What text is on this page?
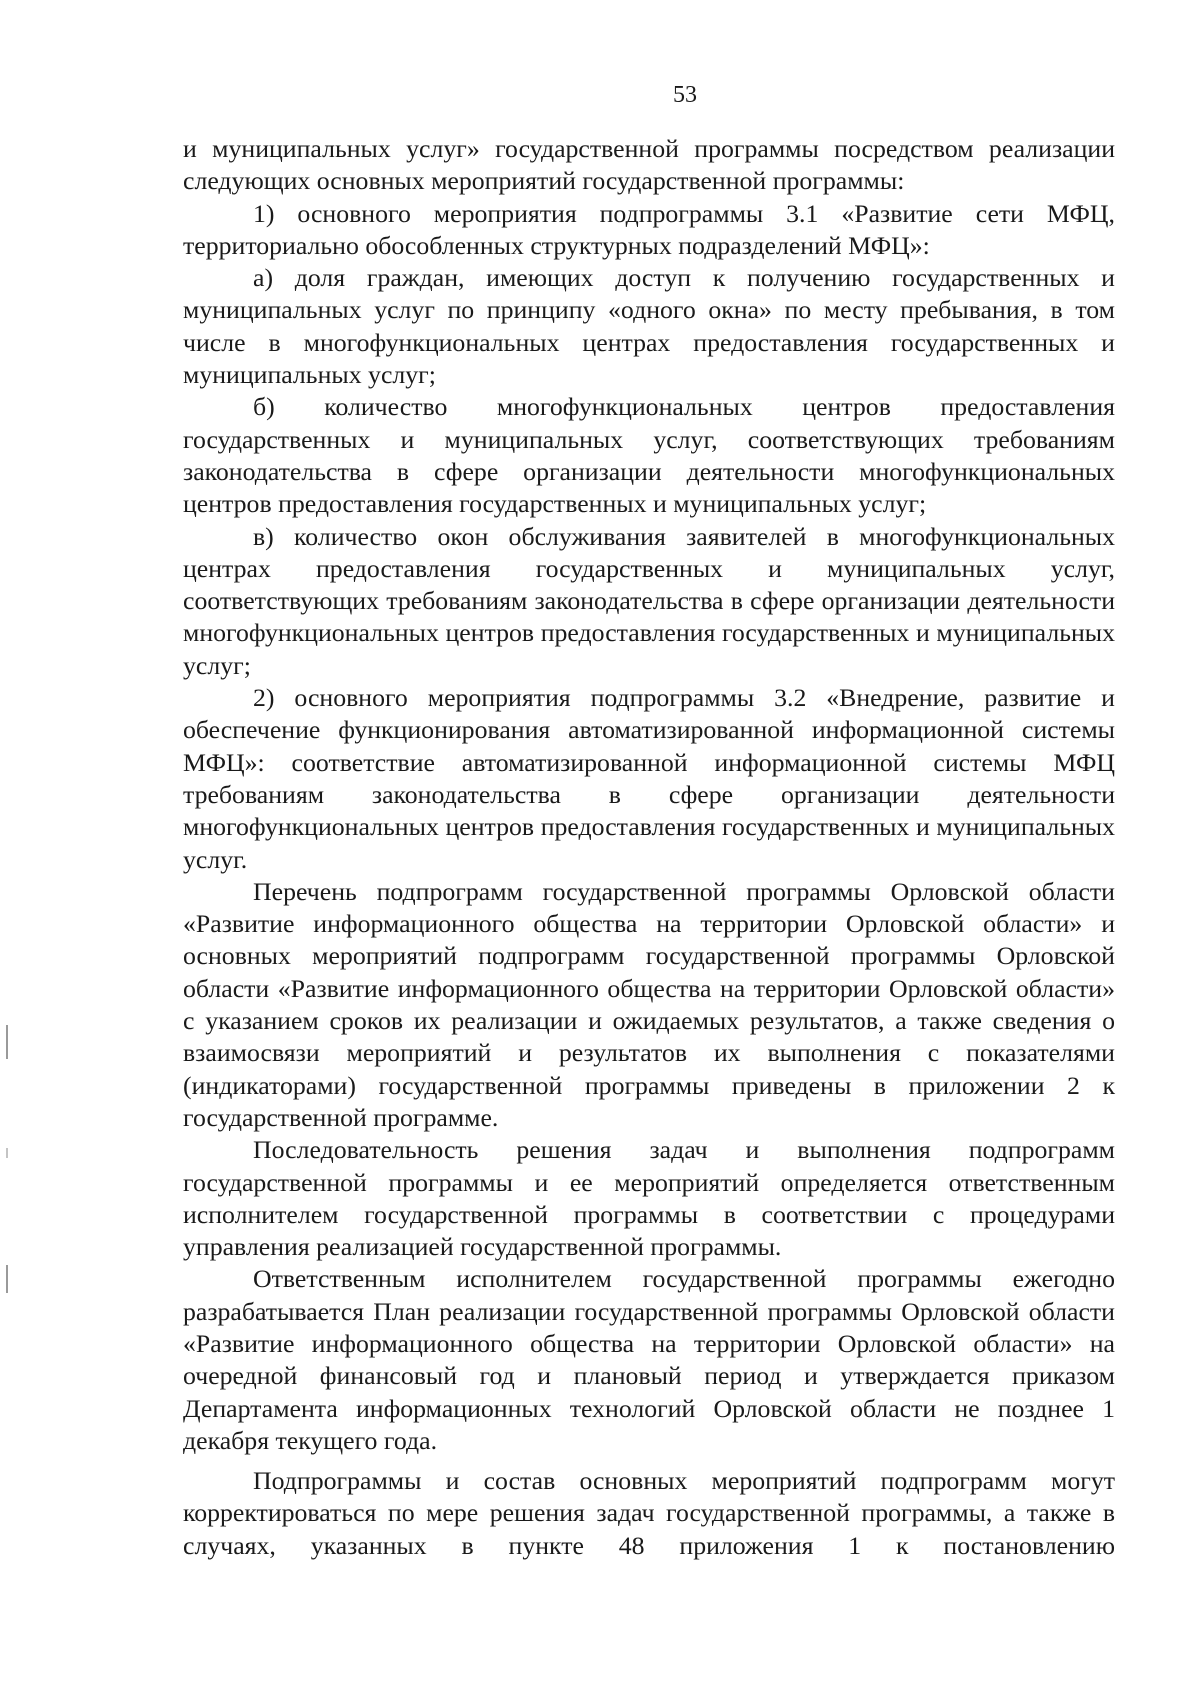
53

и муниципальных услуг» государственной программы посредством реализации следующих основных мероприятий государственной программы:

1) основного мероприятия подпрограммы 3.1 «Развитие сети МФЦ, территориально обособленных структурных подразделений МФЦ»:

а) доля граждан, имеющих доступ к получению государственных и муниципальных услуг по принципу «одного окна» по месту пребывания, в том числе в многофункциональных центрах предоставления государственных и муниципальных услуг;

б) количество многофункциональных центров предоставления государственных и муниципальных услуг, соответствующих требованиям законодательства в сфере организации деятельности многофункциональных центров предоставления государственных и муниципальных услуг;

в) количество окон обслуживания заявителей в многофункциональных центрах предоставления государственных и муниципальных услуг, соответствующих требованиям законодательства в сфере организации деятельности многофункциональных центров предоставления государственных и муниципальных услуг;

2) основного мероприятия подпрограммы 3.2 «Внедрение, развитие и обеспечение функционирования автоматизированной информационной системы МФЦ»: соответствие автоматизированной информационной системы МФЦ требованиям законодательства в сфере организации деятельности многофункциональных центров предоставления государственных и муниципальных услуг.

Перечень подпрограмм государственной программы Орловской области «Развитие информационного общества на территории Орловской области» и основных мероприятий подпрограмм государственной программы Орловской области «Развитие информационного общества на территории Орловской области» с указанием сроков их реализации и ожидаемых результатов, а также сведения о взаимосвязи мероприятий и результатов их выполнения с показателями (индикаторами) государственной программы приведены в приложении 2 к государственной программе.

Последовательность решения задач и выполнения подпрограмм государственной программы и ее мероприятий определяется ответственным исполнителем государственной программы в соответствии с процедурами управления реализацией государственной программы.

Ответственным исполнителем государственной программы ежегодно разрабатывается План реализации государственной программы Орловской области «Развитие информационного общества на территории Орловской области» на очередной финансовый год и плановый период и утверждается приказом Департамента информационных технологий Орловской области не позднее 1 декабря текущего года.

Подпрограммы и состав основных мероприятий подпрограмм могут корректироваться по мере решения задач государственной программы, а также в случаях, указанных в пункте 48 приложения 1 к постановлению
